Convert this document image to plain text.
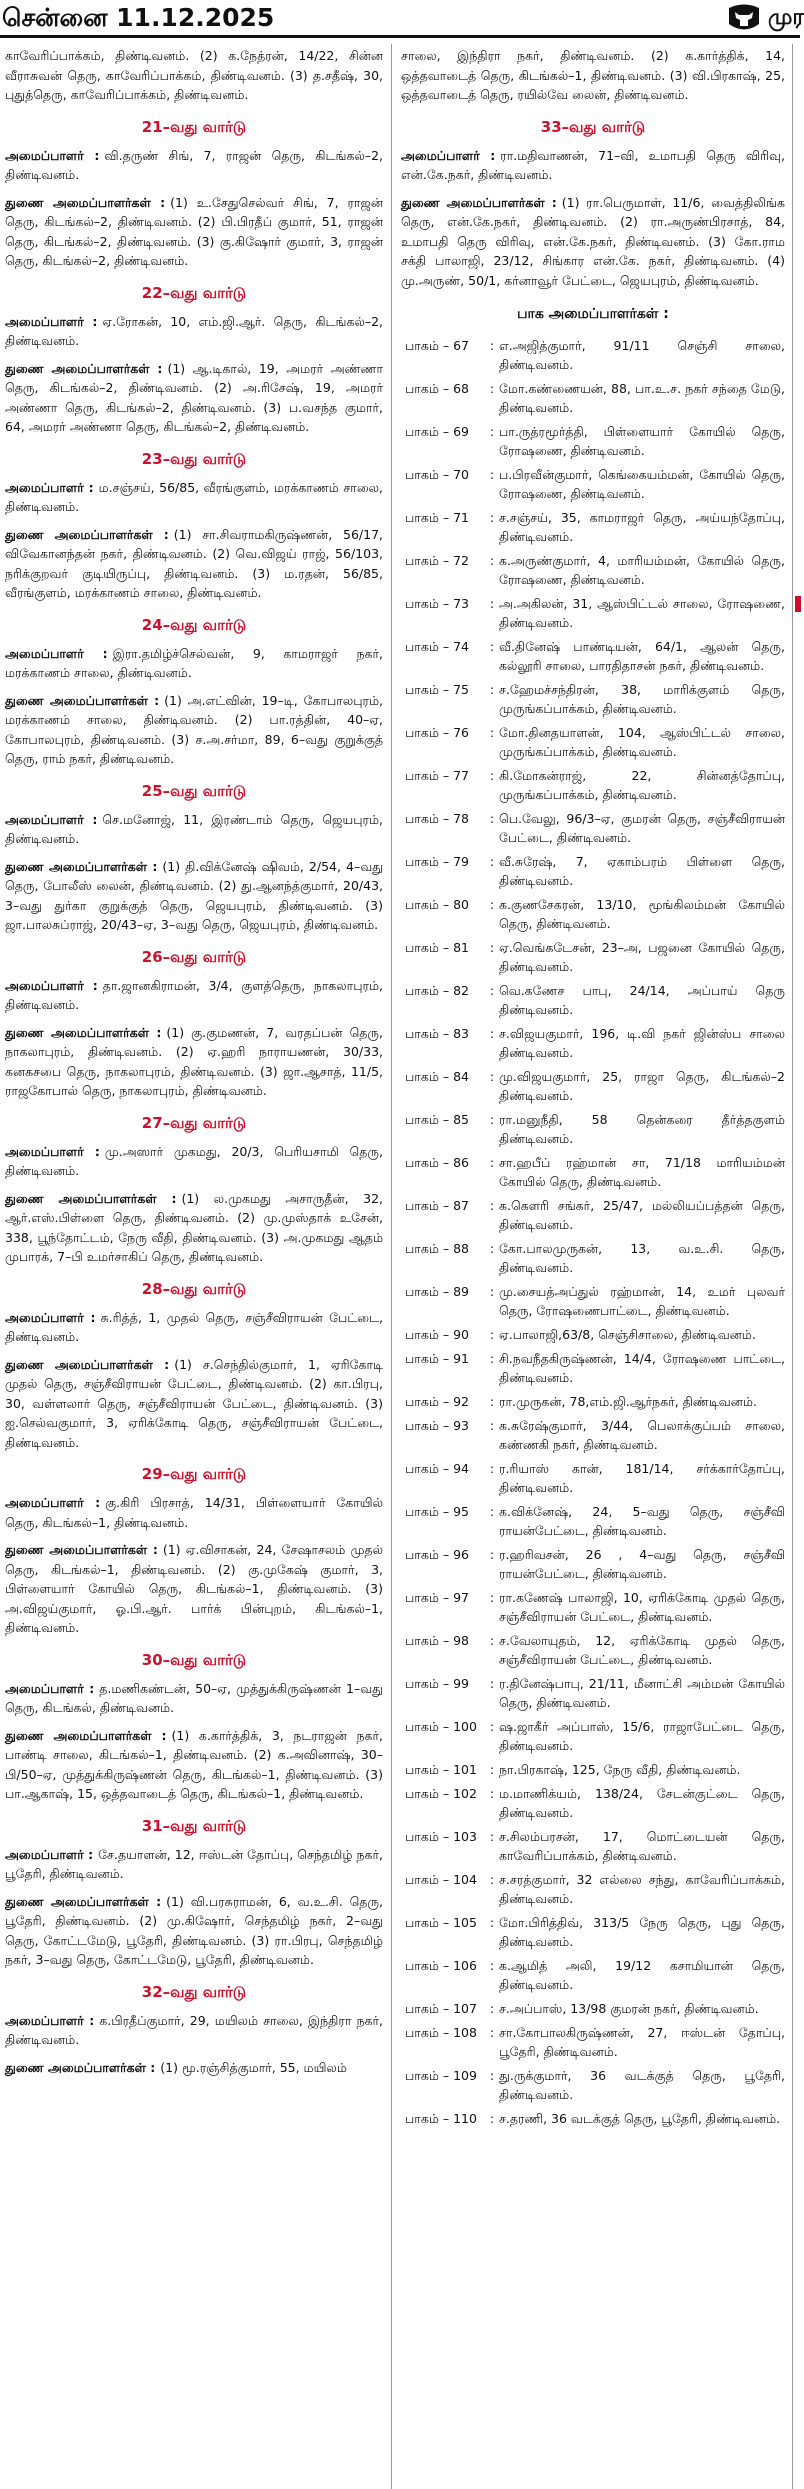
சென்னை 11.12.2025	முர

காவேரிப்பாக்கம், திண்டிவனம். (2) க.நேத்ரன், 14/22, சின்ன வீராசுவன் தெரு, காவேரிப்பாக்கம், திண்டிவனம். (3) த.சதீஷ், 30, புதுத்தெரு, காவேரிப்பாக்கம், திண்டிவனம்.

21–வது வார்டு

அமைப்பாளர் : வி.தருண் சிங், 7, ராஜன் தெரு, கிடங்கல்–2, திண்டிவனம்.

துணை அமைப்பாளர்கள் : (1) உ.சேதுசெல்வர் சிங், 7, ராஜன் தெரு, கிடங்கல்–2, திண்டிவனம். (2) பி.பிரதீப் குமார், 51, ராஜன் தெரு, கிடங்கல்–2, திண்டிவனம். (3) கு.கிஷோர் குமார், 3, ராஜன் தெரு, கிடங்கல்–2, திண்டிவனம்.

22–வது வார்டு

அமைப்பாளர் : ஏ.ரோகன், 10, எம்.ஜி.ஆர். தெரு, கிடங்கல்–2, திண்டிவனம்.

துணை அமைப்பாளர்கள் : (1) ஆ.டிகால், 19, அமரர் அண்ணா தெரு, கிடங்கல்–2, திண்டிவனம். (2) அ.ரிசேஷ், 19, அமரர் அண்ணா தெரு, கிடங்கல்–2, திண்டிவனம். (3) ப.வசந்த குமார், 64, அமரர் அண்ணா தெரு, கிடங்கல்–2, திண்டிவனம்.

23–வது வார்டு

அமைப்பாளர் : ம.சஞ்சய், 56/85, வீரங்குளம், மரக்காணம் சாலை, திண்டிவனம்.

துணை அமைப்பாளர்கள் : (1) சா.சிவராமகிருஷ்ணன், 56/17, விவேகானந்தன் நகர், திண்டிவனம். (2) வெ.விஜய் ராஜ், 56/103, நரிக்குறவர் குடியிருப்பு, திண்டிவனம். (3) ம.ரதன், 56/85, வீரங்குளம், மரக்காணம் சாலை, திண்டிவனம்.

24–வது வார்டு

அமைப்பாளர் : இரா.தமிழ்ச்செல்வன், 9, காமராஜர் நகர், மரக்காணம் சாலை, திண்டிவனம்.

துணை அமைப்பாளர்கள் : (1) அ.எட்வின், 19–டி, கோபாலபுரம், மரக்காணம் சாலை, திண்டிவனம். (2) பா.ரத்தின், 40–ஏ, கோபாலபுரம், திண்டிவனம். (3) ச.அ.சர்மா, 89, 6–வது குறுக்குத் தெரு, ராம் நகர், திண்டிவனம்.

25–வது வார்டு

அமைப்பாளர் : செ.மனோஜ், 11, இரண்டாம் தெரு, ஜெயபுரம், திண்டிவனம்.

துணை அமைப்பாளர்கள் : (1) தி.விக்னேஷ் ஷிவம், 2/54, 4–வது தெரு, போலீஸ் லைன், திண்டிவனம். (2) து.ஆனந்த்குமார், 20/43, 3–வது துர்கா குறுக்குத் தெரு, ஜெயபுரம், திண்டிவனம். (3) ஜா.பாலசுப்ராஜ், 20/43–ஏ, 3–வது தெரு, ஜெயபுரம், திண்டிவனம்.

26–வது வார்டு

அமைப்பாளர் : தா.ஜானகிராமன், 3/4, குளத்தெரு, நாகலாபுரம், திண்டிவனம்.

துணை அமைப்பாளர்கள் : (1) கு.குமணன், 7, வரதப்பன் தெரு, நாகலாபுரம், திண்டிவனம். (2) ஏ.ஹரி நாராயணன், 30/33, கனகசபை தெரு, நாகலாபுரம், திண்டிவனம். (3) ஜா.ஆசாத், 11/5, ராஜகோபால் தெரு, நாகலாபுரம், திண்டிவனம்.

27–வது வார்டு

அமைப்பாளர் : மு.அஸார் முகமது, 20/3, பெரியசாமி தெரு, திண்டிவனம்.

துணை அமைப்பாளர்கள் : (1) ல.முகமது அசாருதீன், 32, ஆர்.எஸ்.பிள்ளை தெரு, திண்டிவனம். (2) மு.முஸ்தாக் உசேன், 338, பூந்தோட்டம், நேரு வீதி, திண்டிவனம். (3) அ.முகமது ஆதம் முபாரக், 7–பி உமர்சாகிப் தெரு, திண்டிவனம்.

28–வது வார்டு

அமைப்பாளர் : சு.ரித்த், 1, முதல் தெரு, சஞ்சீவிராயன் பேட்டை, திண்டிவனம்.

துணை அமைப்பாளர்கள் : (1) ச.செந்தில்குமார், 1, ஏரிகோடி முதல் தெரு, சஞ்சீவிராயன் பேட்டை, திண்டிவனம். (2) கா.பிரபு, 30, வள்ளலார் தெரு, சஞ்சீவிராயன் பேட்டை, திண்டிவனம். (3) ஐ.செல்வகுமார், 3, ஏரிக்கோடி தெரு, சஞ்சீவிராயன் பேட்டை, திண்டிவனம்.

29–வது வார்டு

அமைப்பாளர் : கு.கிரி பிரசாத், 14/31, பிள்ளையார் கோயில் தெரு, கிடங்கல்–1, திண்டிவனம்.

துணை அமைப்பாளர்கள் : (1) ஏ.விசாகன், 24, சேஷாசலம் முதல் தெரு, கிடங்கல்–1, திண்டிவனம். (2) கு.முகேஷ் குமார், 3, பிள்ளையார் கோயில் தெரு, கிடங்கல்–1, திண்டிவனம். (3) அ.விஜய்குமார், ஓ.பி.ஆர். பார்க் பின்புறம், கிடங்கல்–1, திண்டிவனம்.

30–வது வார்டு

அமைப்பாளர் : த.மணிகண்டன், 50–ஏ, முத்துக்கிருஷ்ணன் 1–வது தெரு, கிடங்கல், திண்டிவனம்.

துணை அமைப்பாளர்கள் : (1) க.கார்த்திக், 3, நடராஜன் நகர், பாண்டி சாலை, கிடங்கல்–1, திண்டிவனம். (2) க.அவினாஷ், 30–பி/50–ஏ, முத்துக்கிருஷ்ணன் தெரு, கிடங்கல்–1, திண்டிவனம். (3) பா.ஆகாஷ், 15, ஒத்தவாடைத் தெரு, கிடங்கல்–1, திண்டிவனம்.

31–வது வார்டு

அமைப்பாளர் : சே.தயாளன், 12, ஈஸ்டன் தோப்பு, செந்தமிழ் நகர், பூதேரி, திண்டிவனம்.

துணை அமைப்பாளர்கள் : (1) வி.பரசுராமன், 6, வ.உ.சி. தெரு, பூதேரி, திண்டிவனம். (2) மு.கிஷோர், செந்தமிழ் நகர், 2–வது தெரு, கோட்டமேடு, பூதேரி, திண்டிவனம். (3) ரா.பிரபு, செந்தமிழ் நகர், 3–வது தெரு, கோட்டமேடு, பூதேரி, திண்டிவனம்.

32–வது வார்டு

அமைப்பாளர் : க.பிரதீப்குமார், 29, மயிலம் சாலை, இந்திரா நகர், திண்டிவனம்.

துணை அமைப்பாளர்கள் : (1) மூ.ரஞ்சித்குமார், 55, மயிலம்

சாலை, இந்திரா நகர், திண்டிவனம். (2) க.கார்த்திக், 14, ஒத்தவாடைத் தெரு, கிடங்கல்–1, திண்டிவனம். (3) வி.பிரகாஷ், 25, ஒத்தவாடைத் தெரு, ரயில்வே லைன், திண்டிவனம்.

33–வது வார்டு

அமைப்பாளர் : ரா.மதிவாணன், 71–வி, உமாபதி தெரு விரிவு, என்.கே.நகர், திண்டிவனம்.

துணை அமைப்பாளர்கள் : (1) ரா.பெருமாள், 11/6, வைத்திலிங்க தெரு, என்.கே.நகர், திண்டிவனம். (2) ரா.அருண்பிரசாத், 84, உமாபதி தெரு விரிவு, என்.கே.நகர், திண்டிவனம். (3) கோ.ராம சக்தி பாலாஜி, 23/12, சிங்கார என்.கே. நகர், திண்டிவனம். (4) மு.அருண், 50/1, கர்னாவூர் பேட்டை, ஜெயபுரம், திண்டிவனம்.

பாக அமைப்பாளர்கள் :
பாகம் – 67	: எ.அஜித்குமார், 91/11 செஞ்சி சாலை, திண்டிவனம்.
பாகம் – 68	: மோ.கண்ணையன், 88, பா.உ.ச. நகர் சந்தை மேடு, திண்டிவனம்.
பாகம் – 69	: பா.ருத்ரமூர்த்தி, பிள்ளையார் கோயில் தெரு, ரோஷணை, திண்டிவனம்.
பாகம் – 70	: ப.பிரவீன்குமார், கெங்கையம்மன், கோயில் தெரு, ரோஷணை, திண்டிவனம்.
பாகம் – 71	: ச.சஞ்சய், 35, காமராஜர் தெரு, அய்யந்தோப்பு, திண்டிவனம்.
பாகம் – 72	: க.அருண்குமார், 4, மாரியம்மன், கோயில் தெரு, ரோஷணை, திண்டிவனம்.
பாகம் – 73	: அ.அகிலன், 31, ஆஸ்பிட்டல் சாலை, ரோஷணை, திண்டிவனம்.
பாகம் – 74	: வீ.தினேஷ் பாண்டியன், 64/1, ஆலன் தெரு, கல்லூரி சாலை, பாரதிதாசன் நகர், திண்டிவனம்.
பாகம் – 75	: ச.ஹேமச்சந்திரன், 38, மாரிக்குளம் தெரு, முருங்கப்பாக்கம், திண்டிவனம்.
பாகம் – 76	: மோ.தினதயாளன், 104, ஆஸ்பிட்டல் சாலை, முருங்கப்பாக்கம், திண்டிவனம்.
பாகம் – 77	: கி.மோகன்ராஜ், 22, சின்னத்தோப்பு, முருங்கப்பாக்கம், திண்டிவனம்.
பாகம் – 78	: பெ.வேலு, 96/3–ஏ, குமரன் தெரு, சஞ்சீவிராயன் பேட்டை, திண்டிவனம்.
பாகம் – 79	: வீ.சுரேஷ், 7, ஏகாம்பரம் பிள்ளை தெரு, திண்டிவனம்.
பாகம் – 80	: க.குணசேகரன், 13/10, மூங்கிலம்மன் கோயில் தெரு, திண்டிவனம்.
பாகம் – 81	: ஏ.வெங்கடேசன், 23–அ, பஜனை கோயில் தெரு, திண்டிவனம்.
பாகம் – 82	: வெ.கணேச பாபு, 24/14, அப்பாய் தெரு திண்டிவனம்.
பாகம் – 83	: ச.விஜயகுமார், 196, டி.வி நகர் ஜின்ஸ்ப சாலை திண்டிவனம்.
பாகம் – 84	: மு.விஜயகுமார், 25, ராஜா தெரு, கிடங்கல்–2 திண்டிவனம்.
பாகம் – 85	: ரா.மனுநீதி, 58 தென்கரை தீர்த்தகுளம் திண்டிவனம்.
பாகம் – 86	: சா.ஹபீப் ரஹ்மான் சா, 71/18 மாரியம்மன் கோயில் தெரு, திண்டிவனம்.
பாகம் – 87	: க.கௌரி சங்கர், 25/47, மல்லியப்பத்தன் தெரு, திண்டிவனம்.
பாகம் – 88	: கோ.பாலமுருகன், 13, வ.உ.சி. தெரு, திண்டிவனம்.
பாகம் – 89	: மு.சையத்அப்துல் ரஹ்மான், 14, உமர் புலவர் தெரு, ரோஷணைபாட்டை, திண்டிவனம்.
பாகம் – 90	: ஏ.பாலாஜி,63/8, செஞ்சிசாலை, திண்டிவனம்.
பாகம் – 91	: சி.நவநீதகிருஷ்ணன், 14/4, ரோஷணை பாட்டை, திண்டிவனம்.
பாகம் – 92	: ரா.முருகன், 78,எம்.ஜி.ஆர்நகர், திண்டிவனம்.
பாகம் – 93	: க.சுரேஷ்குமார், 3/44, பெலாக்குப்பம் சாலை, கண்ணகி நகர், திண்டிவனம்.
பாகம் – 94	: ர.ரியாஸ் கான், 181/14, சர்க்கார்தோப்பு, திண்டிவனம்.
பாகம் – 95	: க.விக்னேஷ், 24, 5–வது தெரு, சஞ்சீவி ராயன்பேட்டை, திண்டிவனம்.
பாகம் – 96	: ர.ஹரிவசன், 26 , 4–வது தெரு, சஞ்சீவி ராயன்பேட்டை, திண்டிவனம்.
பாகம் – 97	: ரா.கணேஷ் பாலாஜி, 10, ஏரிக்கோடி முதல் தெரு, சஞ்சீவிராயன் பேட்டை, திண்டிவனம்.
பாகம் – 98	: ச.வேலாயுதம், 12, ஏரிக்கோடி முதல் தெரு, சஞ்சீவிராயன் பேட்டை, திண்டிவனம்.
பாகம் – 99	: ர.தினேஷ்பாபு, 21/11, மீனாட்சி அம்மன் கோயில் தெரு, திண்டிவனம்.
பாகம் – 100	: ஷ.ஜாகீர் அப்பாஸ், 15/6, ராஜாபேட்டை தெரு, திண்டிவனம்.
பாகம் – 101	: நா.பிரகாஷ், 125, நேரு வீதி, திண்டிவனம்.
பாகம் – 102	: ம.மாணிக்யம், 138/24, சேடன்குட்டை தெரு, திண்டிவனம்.
பாகம் – 103	: ச.சிலம்பரசன், 17, மொட்டையன் தெரு, காவேரிப்பாக்கம், திண்டிவனம்.
பாகம் – 104	: ச.சரத்குமார், 32 எல்லை சந்து, காவேரிப்பாக்கம், திண்டிவனம்.
பாகம் – 105	: மோ.பிரித்திவ், 313/5 நேரு தெரு, புது தெரு, திண்டிவனம்.
பாகம் – 106	: க.ஆமித் அலி, 19/12 கசாமியான் தெரு, திண்டிவனம்.
பாகம் – 107	: ச.அப்பாஸ், 13/98 குமரன் நகர், திண்டிவனம்.
பாகம் – 108	: சா.கோபாலகிருஷ்ணன், 27, ஈஸ்டன் தோப்பு, பூதேரி, திண்டிவனம்.
பாகம் – 109	: து.ருக்குமார், 36 வடக்குத் தெரு, பூதேரி, திண்டிவனம்.
பாகம் – 110	: ச.தரணி, 36 வடக்குத் தெரு, பூதேரி, திண்டிவனம்.
